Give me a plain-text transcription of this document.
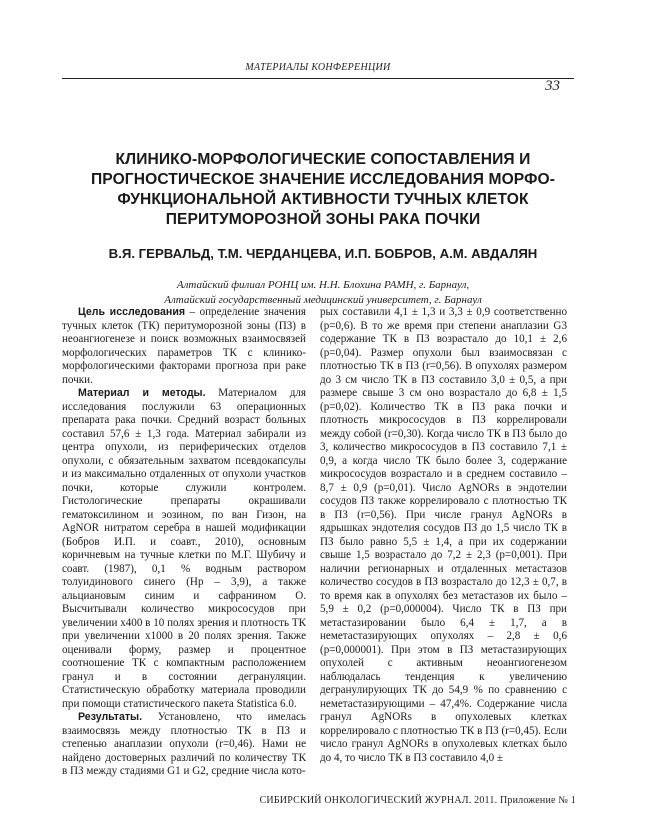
МАТЕРИАЛЫ КОНФЕРЕНЦИИ
33
КЛИНИКО-МОРФОЛОГИЧЕСКИЕ СОПОСТАВЛЕНИЯ И
ПРОГНОСТИЧЕСКОЕ ЗНАЧЕНИЕ ИССЛЕДОВАНИЯ МОРФО-
ФУНКЦИОНАЛЬНОЙ АКТИВНОСТИ ТУЧНЫХ КЛЕТОК
ПЕРИТУМОРОЗНОЙ ЗОНЫ РАКА ПОЧКИ
В.Я. ГЕРВАЛЬД, Т.М. ЧЕРДАНЦЕВА, И.П. БОБРОВ, А.М. АВДАЛЯН
Алтайский филиал РОНЦ им. Н.Н. Блохина РАМН, г. Барнаул,
Алтайский государственный медицинский университет, г. Барнаул

Цель исследования – определение значения тучных клеток (ТК) перитуморозной зоны (ПЗ) в неоангиогенезе и поиск возможных взаимосвязей морфологических параметров ТК с клинико-морфологическими факторами прогноза при раке почки.

Материал и методы. Материалом для исследования послужили 63 операционных препарата рака почки. Средний возраст больных составил 57,6 ± 1,3 года. Материал забирали из центра опухоли, из периферических отделов опухоли, с обязательным захватом псевдокапсулы и из максимально отдаленных от опухоли участков почки, которые служили контролем. Гистологические препараты окрашивали гематоксилином и эозином, по ван Гизон, на AgNOR нитратом серебра в нашей модификации (Бобров И.П. и соавт., 2010), основным коричневым на тучные клетки по М.Г. Шубичу и соавт. (1987), 0,1 % водным раствором толуидинового синего (Нр – 3,9), а также альциановым синим и сафранином О. Высчитывали количество микрососудов при увеличении х400 в 10 полях зрения и плотность ТК при увеличении х1000 в 20 полях зрения. Также оценивали форму, размер и процентное соотношение ТК с компактным расположением гранул и в состоянии дегрануляции. Статистическую обработку материала проводили при помощи статистического пакета Statistica 6.0.

Результаты. Установлено, что имелась взаимосвязь между плотностью ТК в ПЗ и степенью анаплазии опухоли (r=0,46). Нами не найдено достоверных различий по количеству ТК в ПЗ между стадиями G1 и G2, средние числа кото-

рых составили 4,1 ± 1,3 и 3,3 ± 0,9 соответственно (р=0,6). В то же время при степени анаплазии G3 содержание ТК в ПЗ возрастало до 10,1 ± 2,6 (р=0,04). Размер опухоли был взаимосвязан с плотностью ТК в ПЗ (r=0,56). В опухолях размером до 3 см число ТК в ПЗ составило 3,0 ± 0,5, а при размере свыше 3 см оно возрастало до 6,8 ± 1,5 (р=0,02). Количество ТК в ПЗ рака почки и плотность микрососудов в ПЗ коррелировали между собой (r=0,30). Когда число ТК в ПЗ было до 3, количество микрососудов в ПЗ составило 7,1 ± 0,9, а когда число ТК было более 3, содержание микрососудов возрастало и в среднем составило – 8,7 ± 0,9 (р=0,01). Число AgNORs в эндотелии сосудов ПЗ также коррелировало с плотностью ТК в ПЗ (r=0,56). При числе гранул AgNORs в ядрышках эндотелия сосудов ПЗ до 1,5 число ТК в ПЗ было равно 5,5 ± 1,4, а при их содержании свыше 1,5 возрастало до 7,2 ± 2,3 (р=0,001). При наличии регионарных и отдаленных метастазов количество сосудов в ПЗ возрастало до 12,3 ± 0,7, в то время как в опухолях без метастазов их было – 5,9 ± 0,2 (р=0,000004). Число ТК в ПЗ при метастазировании было 6,4 ± 1,7, а в неметастазирующих опухолях – 2,8 ± 0,6 (р=0,000001). При этом в ПЗ метастазирующих опухолей с активным неоангиогенезом наблюдалась тенденция к увеличению дегранулирующих ТК до 54,9 % по сравнению с неметастазирующими – 47,4%. Содержание числа гранул AgNORs в опухолевых клетках коррелировало с плотностью ТК в ПЗ (r=0,45). Если число гранул AgNORs в опухолевых клетках было до 4, то число ТК в ПЗ составило 4,0 ±

СИБИРСКИЙ ОНКОЛОГИЧЕСКИЙ ЖУРНАЛ. 2011. Приложение № 1
